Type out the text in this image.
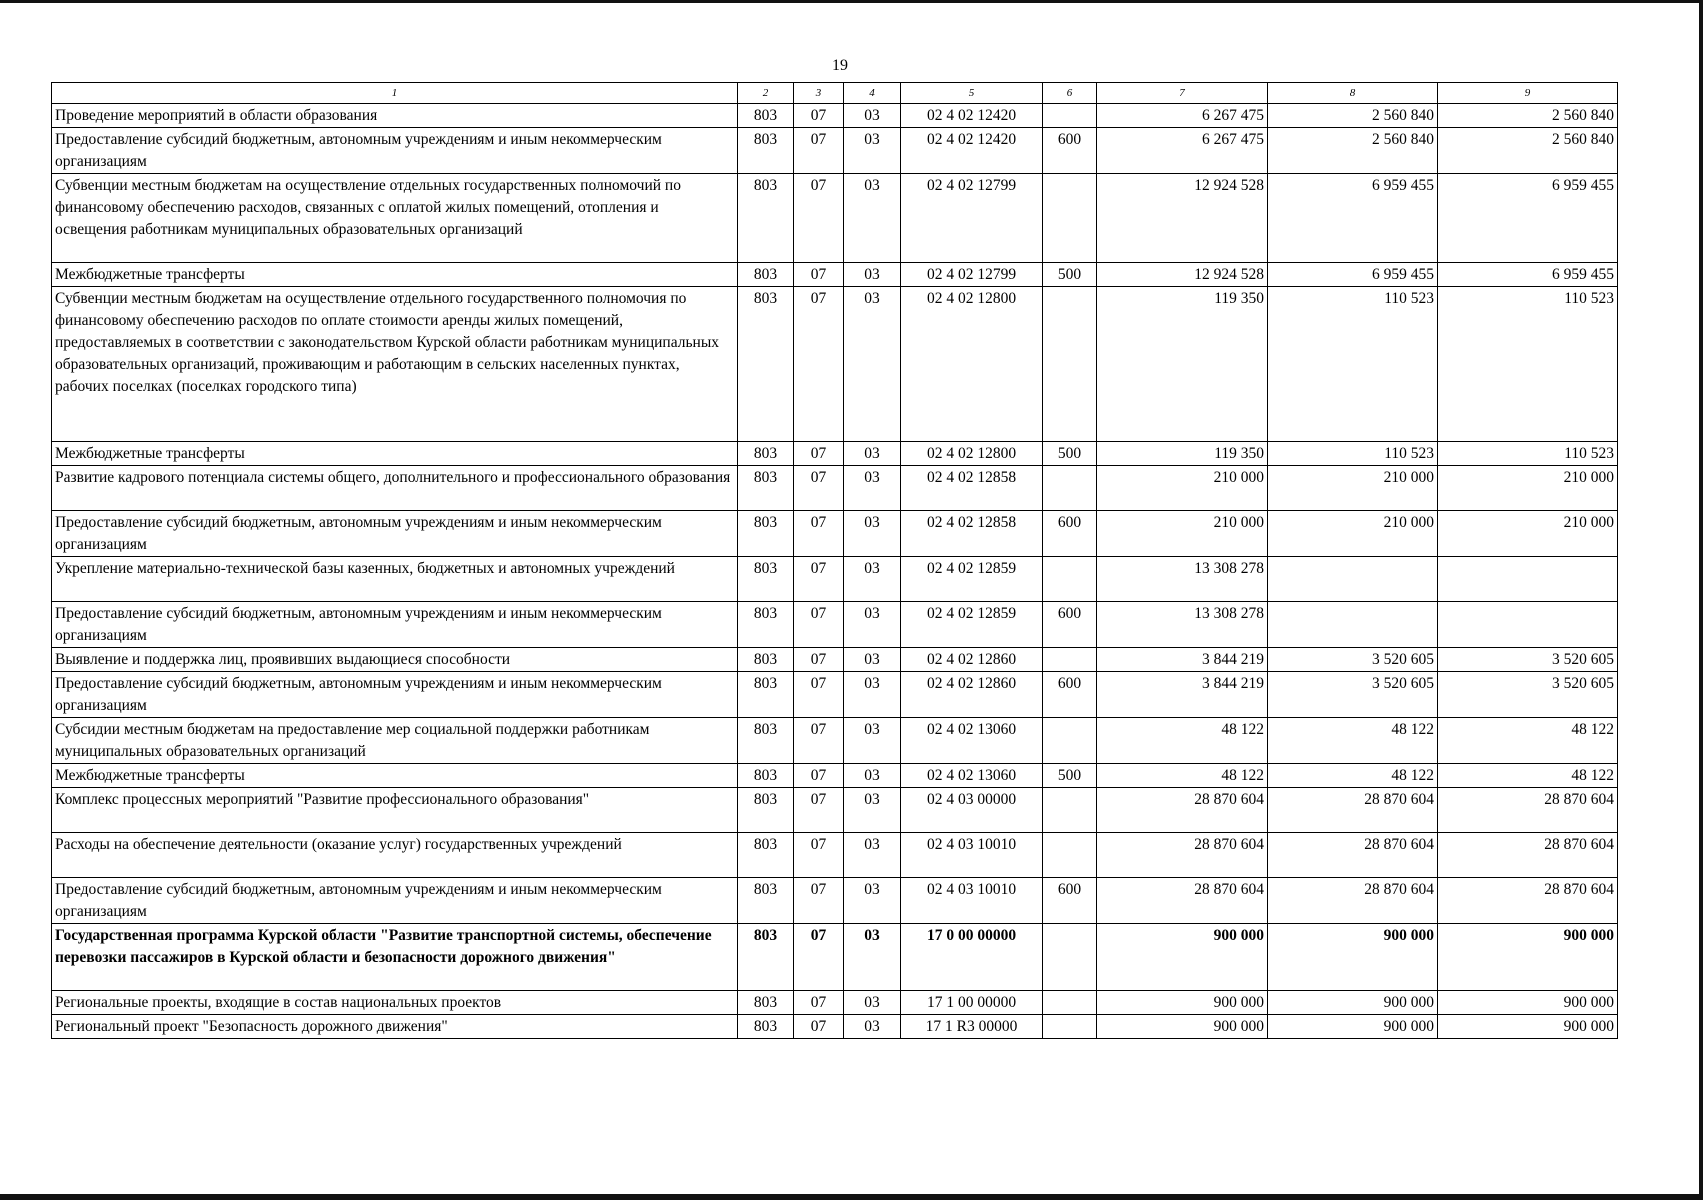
19
1	2	3	4	5	6	7	8	9
Проведение мероприятий в области образования	803	07	03	02 4 02 12420		6 267 475	2 560 840	2 560 840
Предоставление субсидий бюджетным, автономным учреждениям и иным некоммерческим организациям	803	07	03	02 4 02 12420	600	6 267 475	2 560 840	2 560 840
Субвенции местным бюджетам на осуществление отдельных государственных полномочий по финансовому обеспечению расходов, связанных с оплатой жилых помещений, отопления и освещения работникам муниципальных образовательных организаций	803	07	03	02 4 02 12799		12 924 528	6 959 455	6 959 455
Межбюджетные трансферты	803	07	03	02 4 02 12799	500	12 924 528	6 959 455	6 959 455
Субвенции местным бюджетам на осуществление отдельного государственного полномочия по финансовому обеспечению расходов по оплате стоимости аренды жилых помещений, предоставляемых в соответствии с законодательством Курской области работникам муниципальных образовательных организаций, проживающим и работающим в сельских населенных пунктах, рабочих поселках (поселках городского типа)	803	07	03	02 4 02 12800		119 350	110 523	110 523
Межбюджетные трансферты	803	07	03	02 4 02 12800	500	119 350	110 523	110 523
Развитие кадрового потенциала системы общего, дополнительного и профессионального образования	803	07	03	02 4 02 12858		210 000	210 000	210 000
Предоставление субсидий бюджетным, автономным учреждениям и иным некоммерческим организациям	803	07	03	02 4 02 12858	600	210 000	210 000	210 000
Укрепление материально-технической базы казенных, бюджетных и автономных учреждений	803	07	03	02 4 02 12859		13 308 278		
Предоставление субсидий бюджетным, автономным учреждениям и иным некоммерческим организациям	803	07	03	02 4 02 12859	600	13 308 278		
Выявление и поддержка лиц, проявивших выдающиеся способности	803	07	03	02 4 02 12860		3 844 219	3 520 605	3 520 605
Предоставление субсидий бюджетным, автономным учреждениям и иным некоммерческим организациям	803	07	03	02 4 02 12860	600	3 844 219	3 520 605	3 520 605
Субсидии местным бюджетам на предоставление мер социальной поддержки работникам муниципальных образовательных организаций	803	07	03	02 4 02 13060		48 122	48 122	48 122
Межбюджетные трансферты	803	07	03	02 4 02 13060	500	48 122	48 122	48 122
Комплекс процессных мероприятий "Развитие профессионального образования"	803	07	03	02 4 03 00000		28 870 604	28 870 604	28 870 604
Расходы на обеспечение деятельности (оказание услуг) государственных учреждений	803	07	03	02 4 03 10010		28 870 604	28 870 604	28 870 604
Предоставление субсидий бюджетным, автономным учреждениям и иным некоммерческим организациям	803	07	03	02 4 03 10010	600	28 870 604	28 870 604	28 870 604
Государственная программа Курской области "Развитие транспортной системы, обеспечение перевозки пассажиров в Курской области и безопасности дорожного движения"	803	07	03	17 0 00 00000		900 000	900 000	900 000
Региональные проекты, входящие в состав национальных проектов	803	07	03	17 1 00 00000		900 000	900 000	900 000
Региональный проект "Безопасность дорожного движения"	803	07	03	17 1 R3 00000		900 000	900 000	900 000
